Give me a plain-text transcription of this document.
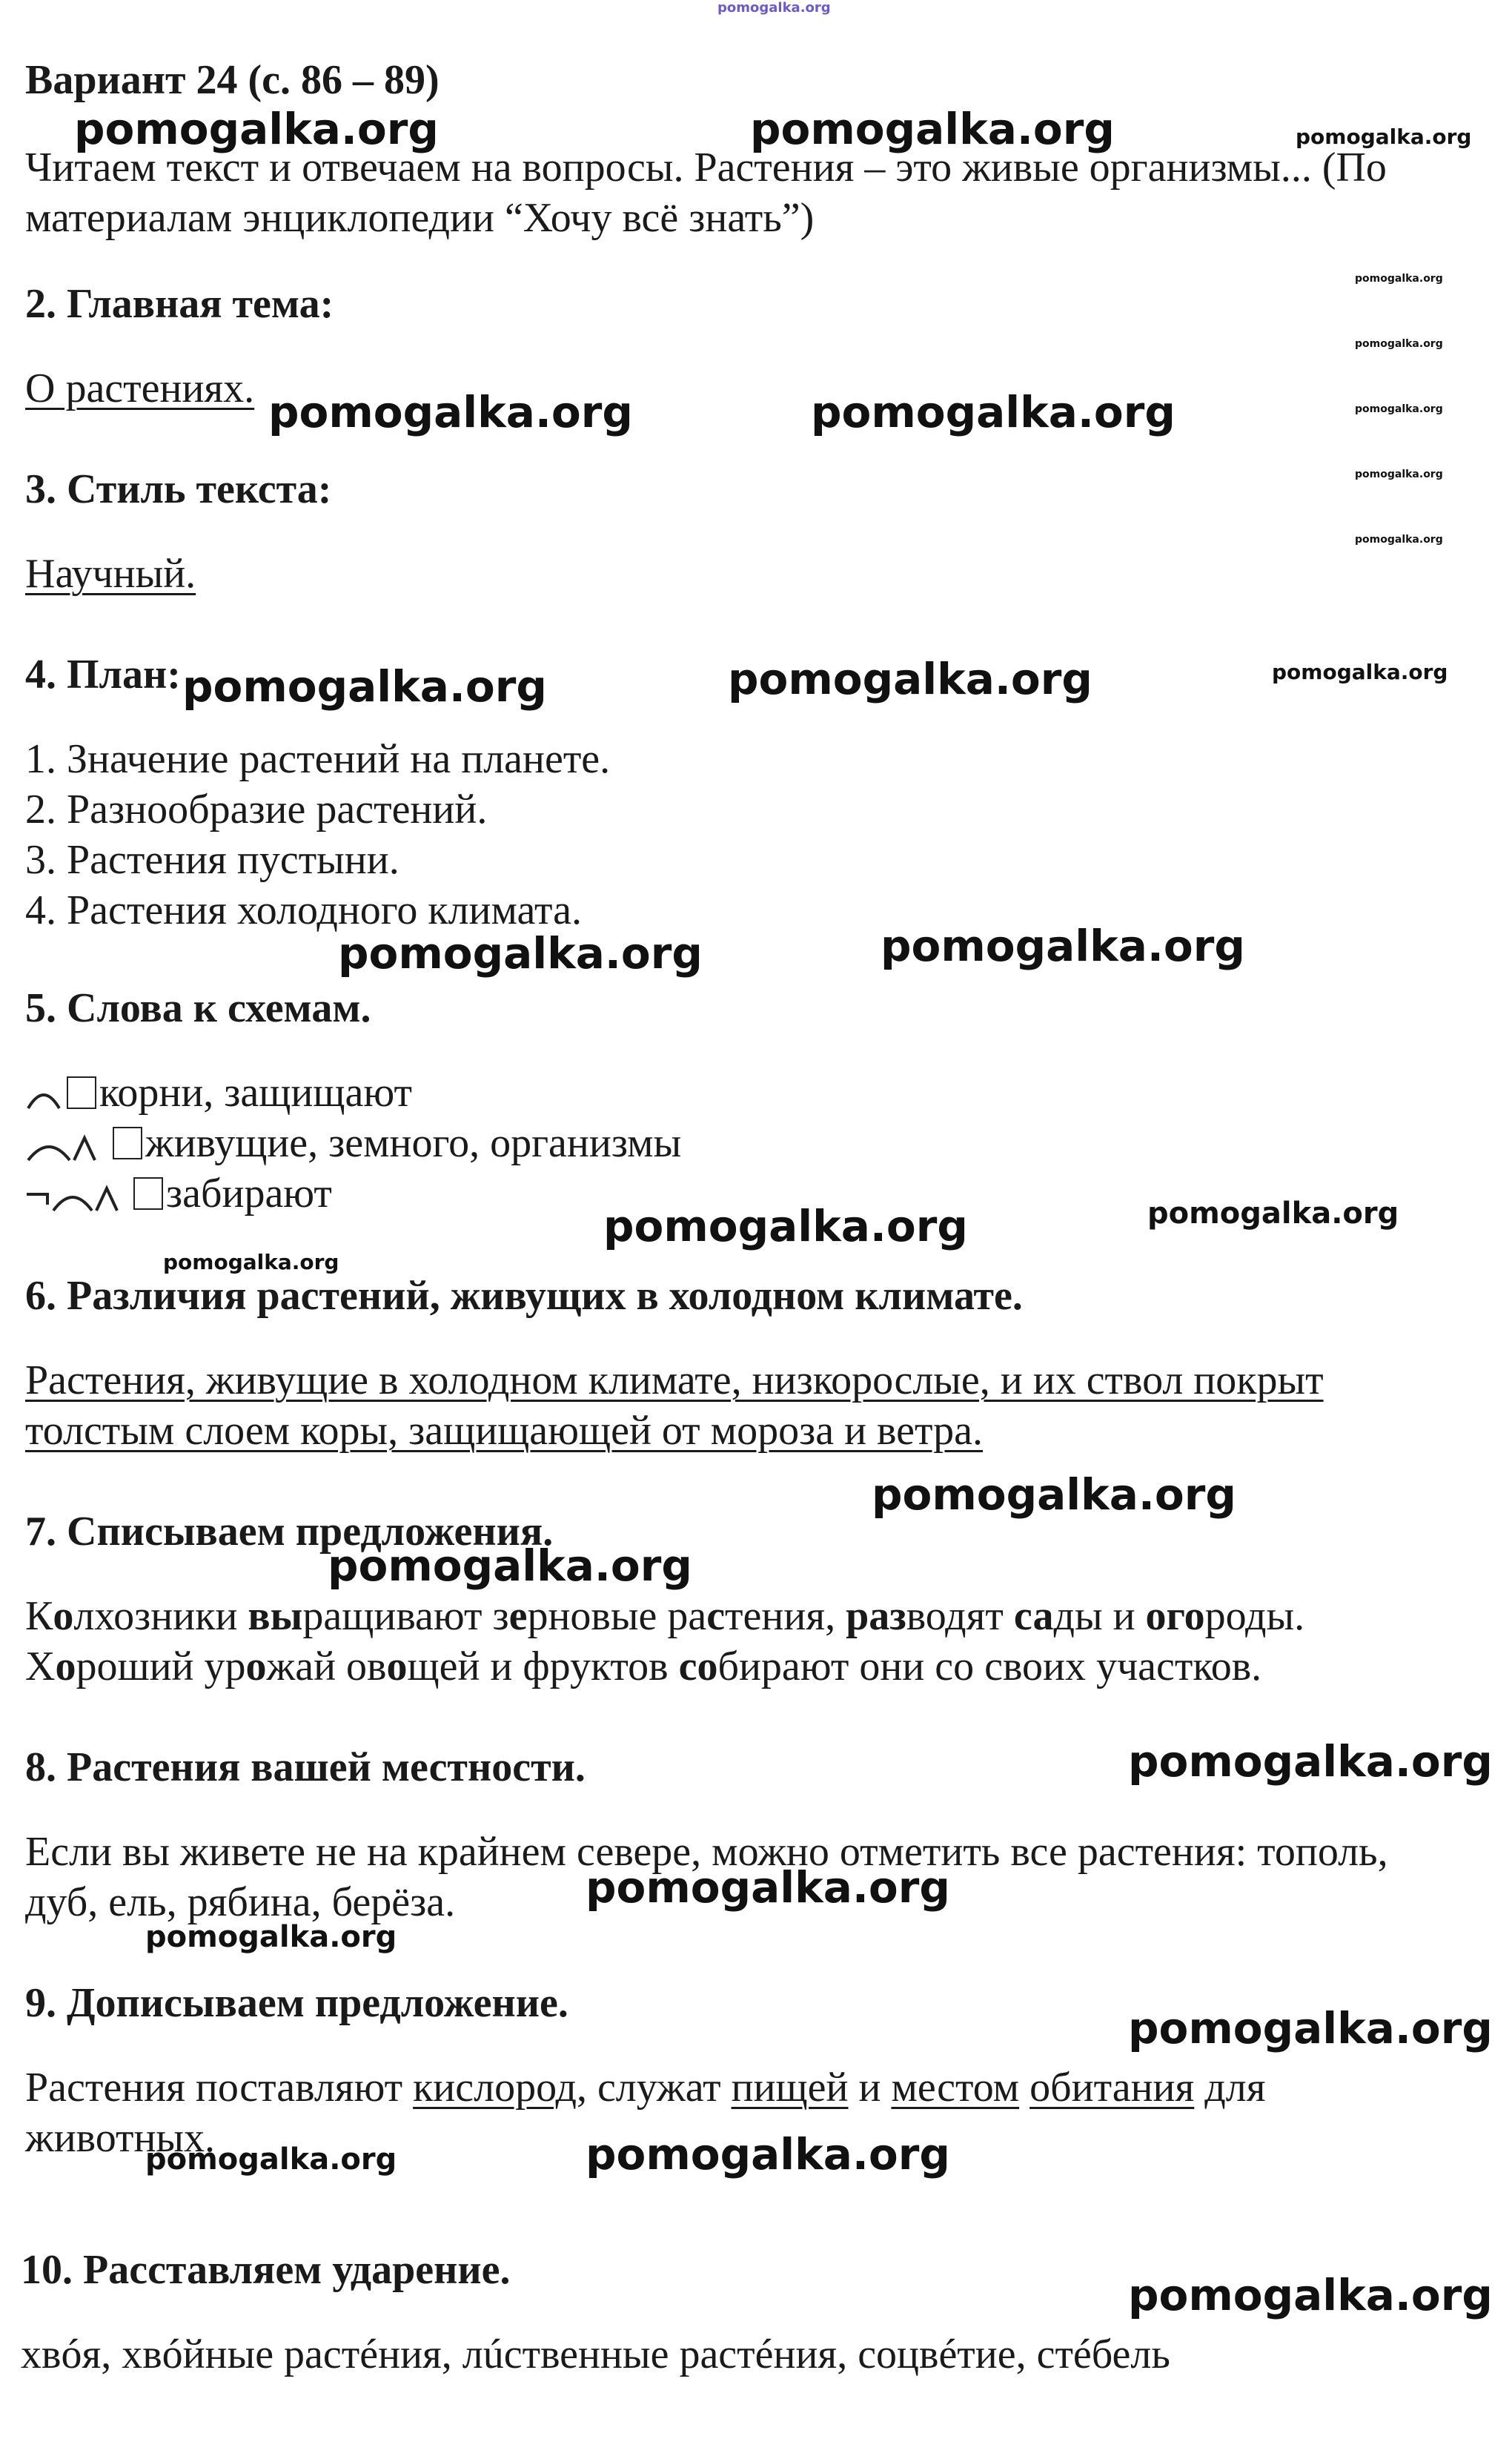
pomogalka.org
Вариант 24 (с. 86 – 89)
Читаем текст и отвечаем на вопросы. Растения – это живые организмы... (По
материалам энциклопедии “Хочу всё знать”)
2. Главная тема:
О растениях.
3. Стиль текста:
Научный.
4. План:
1. Значение растений на планете.
2. Разнообразие растений.
3. Растения пустыни.
4. Растения холодного климата.
5. Слова к схемам.
корни, защищают
живущие, земного, организмы
забирают
6. Различия растений, живущих в холодном климате.
Растения, живущие в холодном климате, низкорослые, и их ствол покрыт
толстым слоем коры, защищающей от мороза и ветра.
7. Списываем предложения.
Колхозники выращивают зерновые растения, разводят сады и огороды.
Хороший урожай овощей и фруктов собирают они со своих участков.
8. Растения вашей местности.
Если вы живете не на крайнем севере, можно отметить все растения: тополь,
дуб, ель, рябина, берёза.
9. Дописываем предложение.
Растения поставляют кислород, служат пищей и местом обитания для
животных.
10. Расставляем ударение.
хвóя, хвóйные растéния, лúственные растéния, соцвéтие, стéбель
pomogalka.org	pomogalka.org
pomogalka.org	pomogalka.org
pomogalka.org	pomogalka.org
pomogalka.org	pomogalka.org
pomogalka.org
pomogalka.org
pomogalka.org
pomogalka.org
pomogalka.org
pomogalka.org
pomogalka.org
pomogalka.org
pomogalka.org
pomogalka.org
pomogalka.org
pomogalka.org
pomogalka.org
pomogalka.org
pomogalka.org
pomogalka.org
pomogalka.org
pomogalka.org
pomogalka.org
